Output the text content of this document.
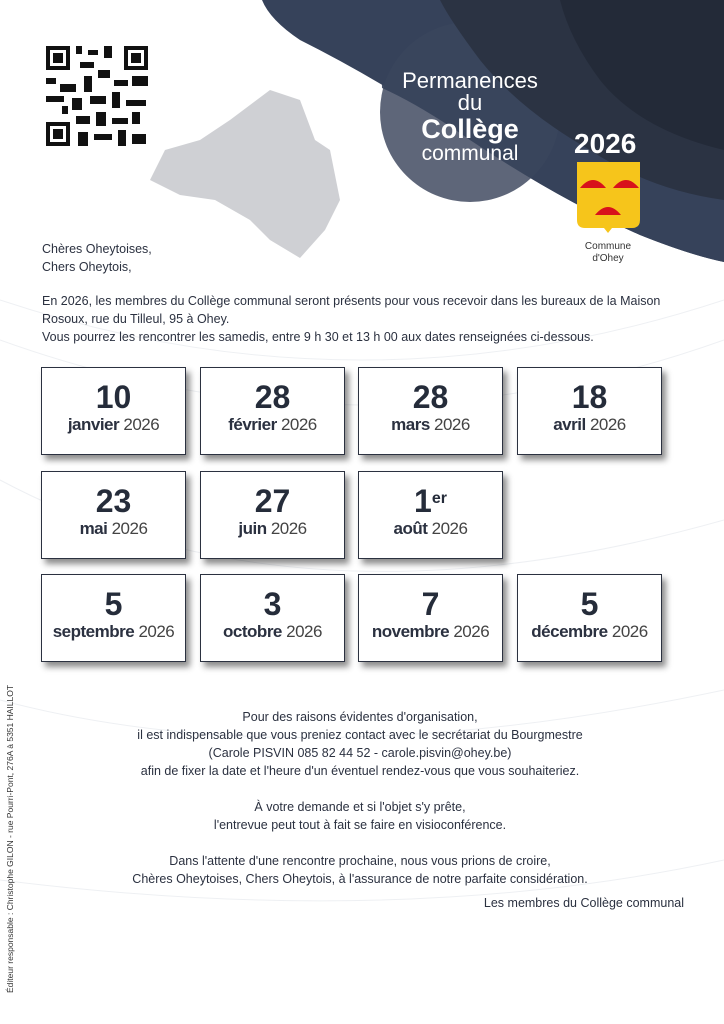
Permanences
du
Collège
communal	2026
Commune
d'Ohey
Chères Oheytoises,
Chers Oheytois,
En 2026, les membres du Collège communal seront présents pour vous recevoir dans les bureaux de la Maison Rosoux, rue du Tilleul, 95 à Ohey.
Vous pourrez les rencontrer les samedis, entre 9 h 30 et 13 h 00 aux dates renseignées ci-dessous.
10
janvier 2026
28
février 2026
28
mars 2026
18
avril 2026
23
mai 2026
27
juin 2026
1er
août 2026
5
septembre 2026
3
octobre 2026
7
novembre 2026
5
décembre 2026

Pour des raisons évidentes d'organisation,
il est indispensable que vous preniez contact avec le secrétariat du Bourgmestre
(Carole PISVIN 085 82 44 52 - carole.pisvin@ohey.be)
afin de fixer la date et l'heure d'un éventuel rendez-vous que vous souhaiteriez.

À votre demande et si l'objet s'y prête,
l'entrevue peut tout à fait se faire en visioconférence.

Dans l'attente d'une rencontre prochaine, nous vous prions de croire,
Chères Oheytoises, Chers Oheytois, à l'assurance de notre parfaite considération.

Les membres du Collège communal
Éditeur responsable : Christophe GILON - rue Pourri-Pont, 276A à 5351 HAILLOT
